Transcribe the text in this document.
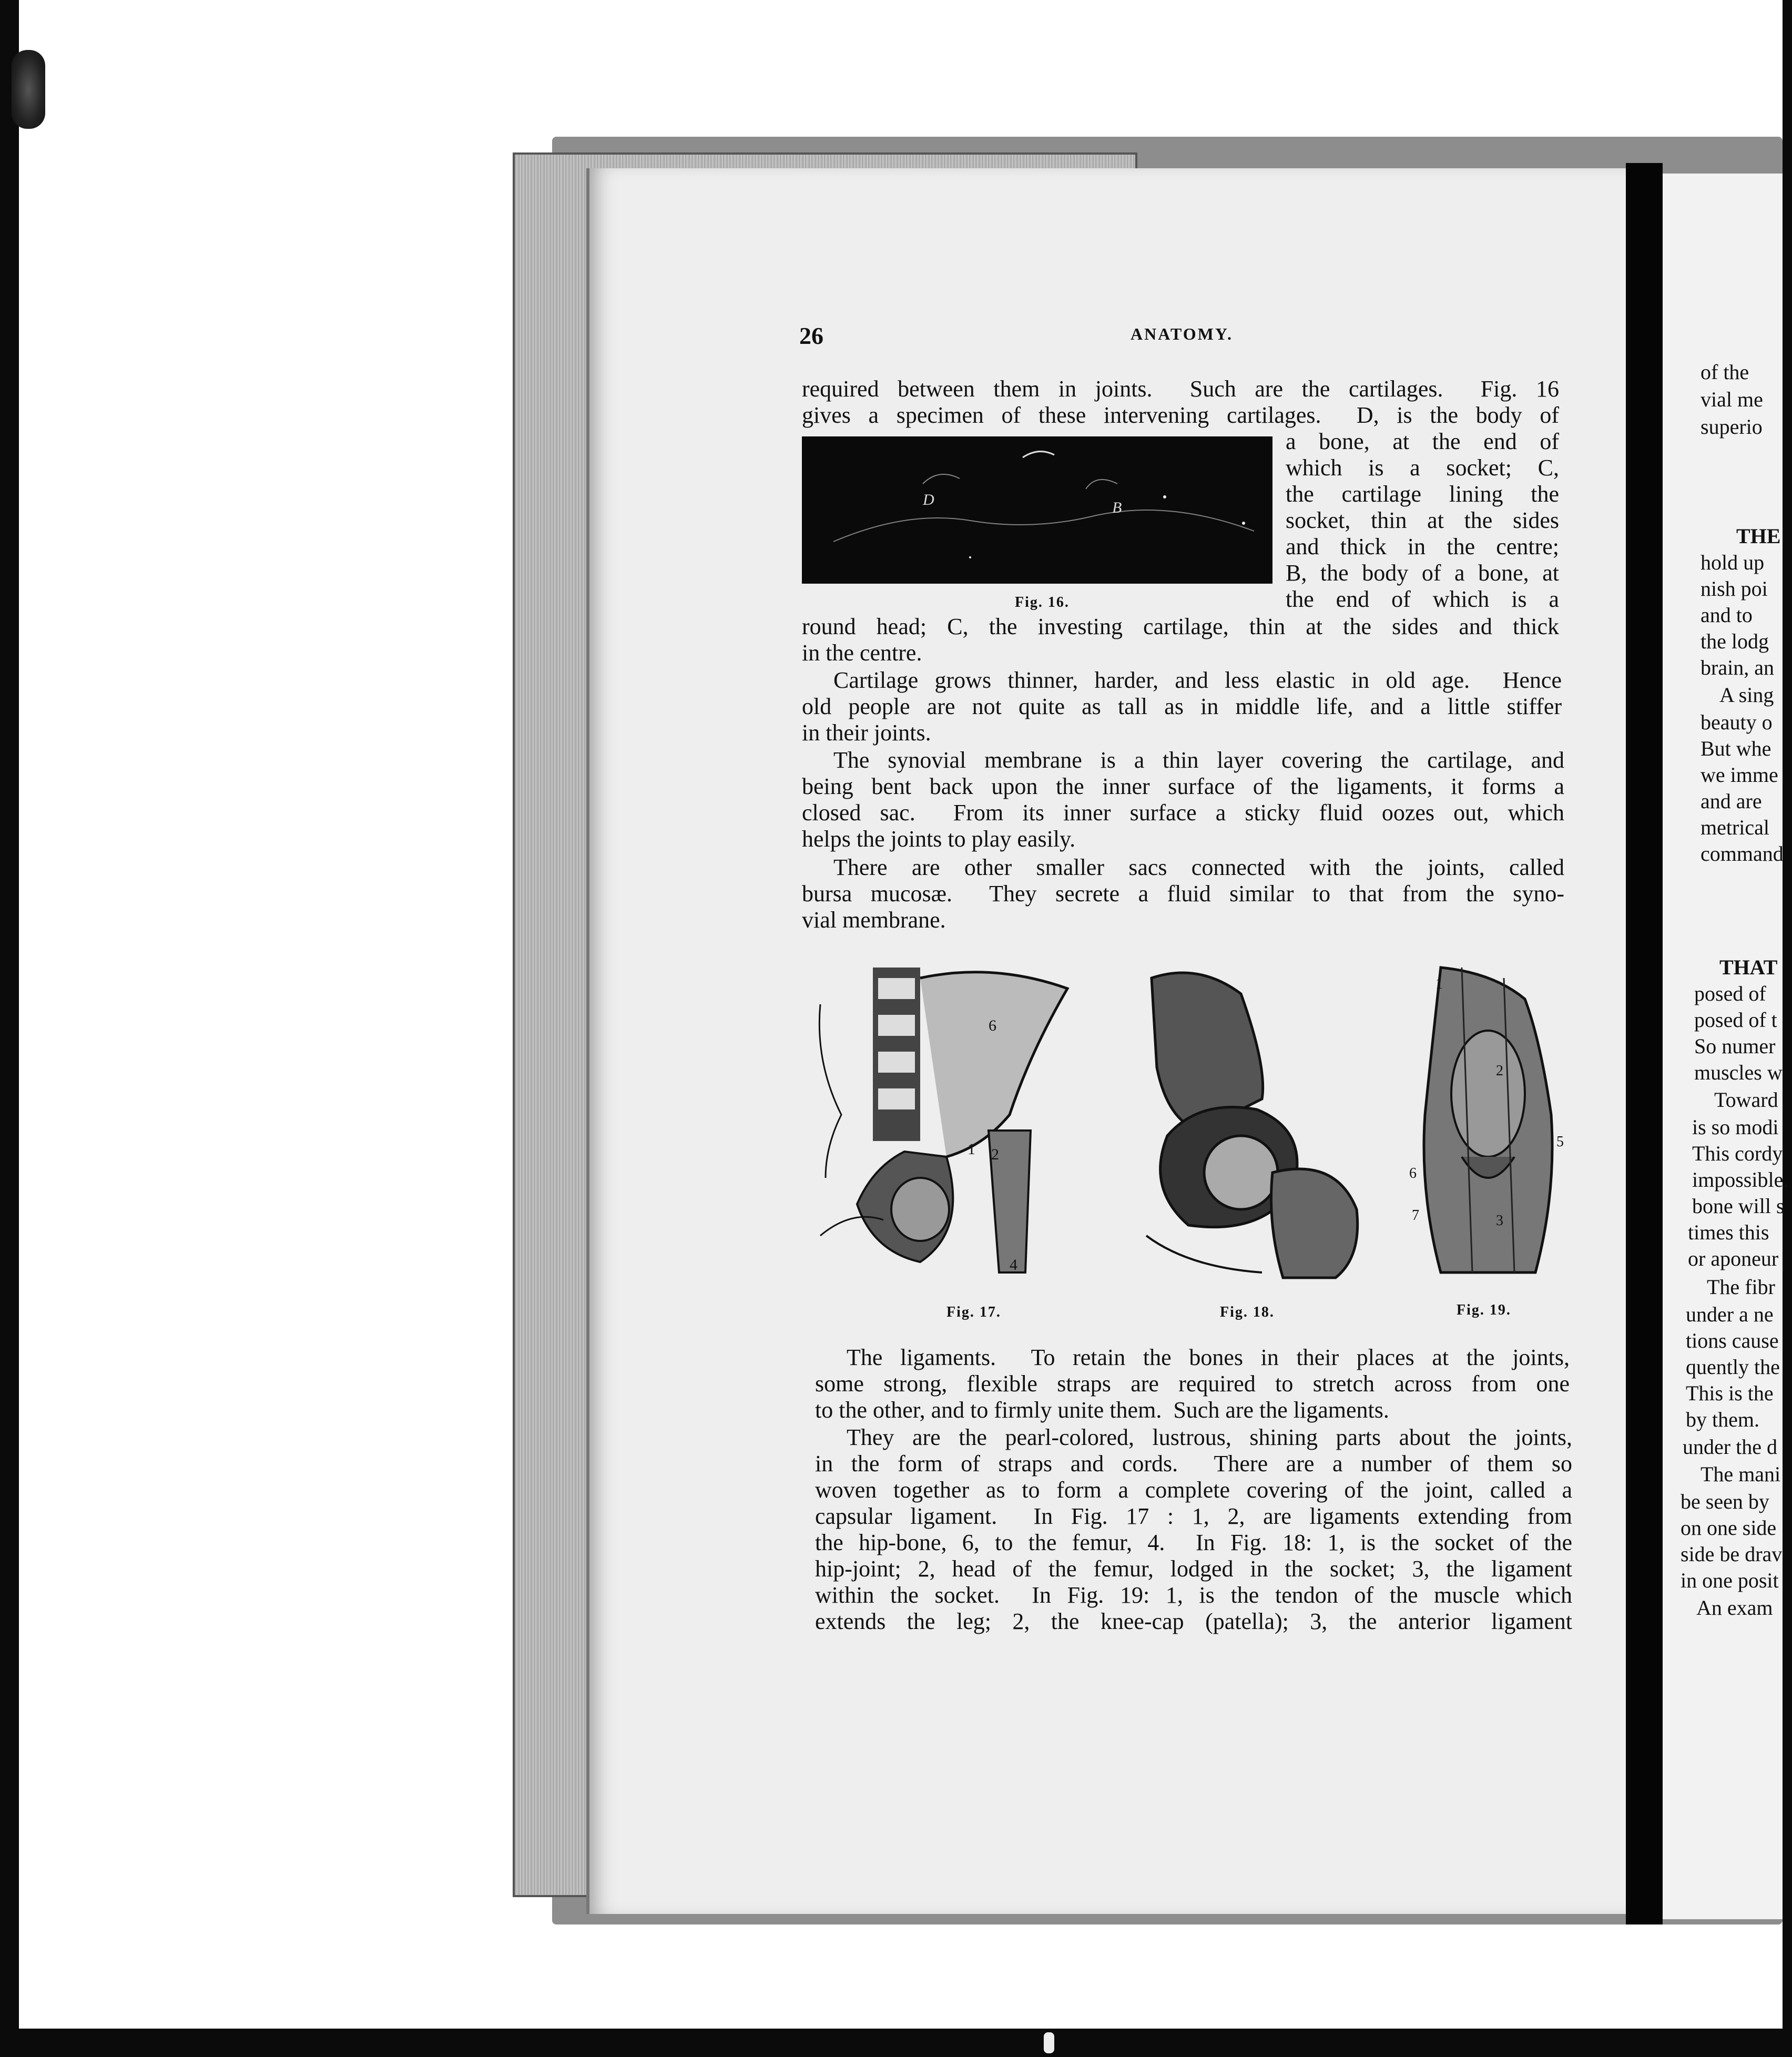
26	ANATOMY.
required between them in joints.  Such are the cartilages.  Fig. 16
gives a specimen of these intervening cartilages.  D, is the body of
a bone, at the end of
which is a socket; C,
the cartilage lining the
socket, thin at the sides
and thick in the centre;
B, the body of a bone, at
the end of which is a
D	B
Fig. 16.
round head; C, the investing cartilage, thin at the sides and thick
in the centre.
Cartilage grows thinner, harder, and less elastic in old age.  Hence
old people are not quite as tall as in middle life, and a little stiffer
in their joints.
The synovial membrane is a thin layer covering the cartilage, and
being bent back upon the inner surface of the ligaments, it forms a
closed sac.  From its inner surface a sticky fluid oozes out, which
helps the joints to play easily.
There are other smaller sacs connected with the joints, called
bursa mucosæ.  They secrete a fluid similar to that from the syno-
vial membrane.
6
1 2
4
Fig. 17.	Fig. 18.
1
2
5
6
3
7
Fig. 19.
The ligaments.  To retain the bones in their places at the joints,
some strong, flexible straps are required to stretch across from one
to the other, and to firmly unite them.  Such are the ligaments.
They are the pearl-colored, lustrous, shining parts about the joints,
in the form of straps and cords.  There are a number of them so
woven together as to form a complete covering of the joint, called a
capsular ligament.  In Fig. 17 : 1, 2, are ligaments extending from
the hip-bone, 6, to the femur, 4.  In Fig. 18: 1, is the socket of the
hip-joint; 2, head of the femur, lodged in the socket; 3, the ligament
within the socket.  In Fig. 19: 1, is the tendon of the muscle which
extends the leg; 2, the knee-cap (patella); 3, the anterior ligament
of the
vial me
superio
THE
hold up
nish poi
and to
the lodg
brain, an
A sing
beauty o
But whe
we imme
and are
metrical
command
THAT
posed of
posed of t
So numer
muscles w
Toward
is so modi
This cordy
impossible,
bone will s
times this
or aponeur
The fibr
under a ne
tions cause
quently the
This is the
by them.
under the d
The mani
be seen by
on one side
side be drav
in one posit
An exam
